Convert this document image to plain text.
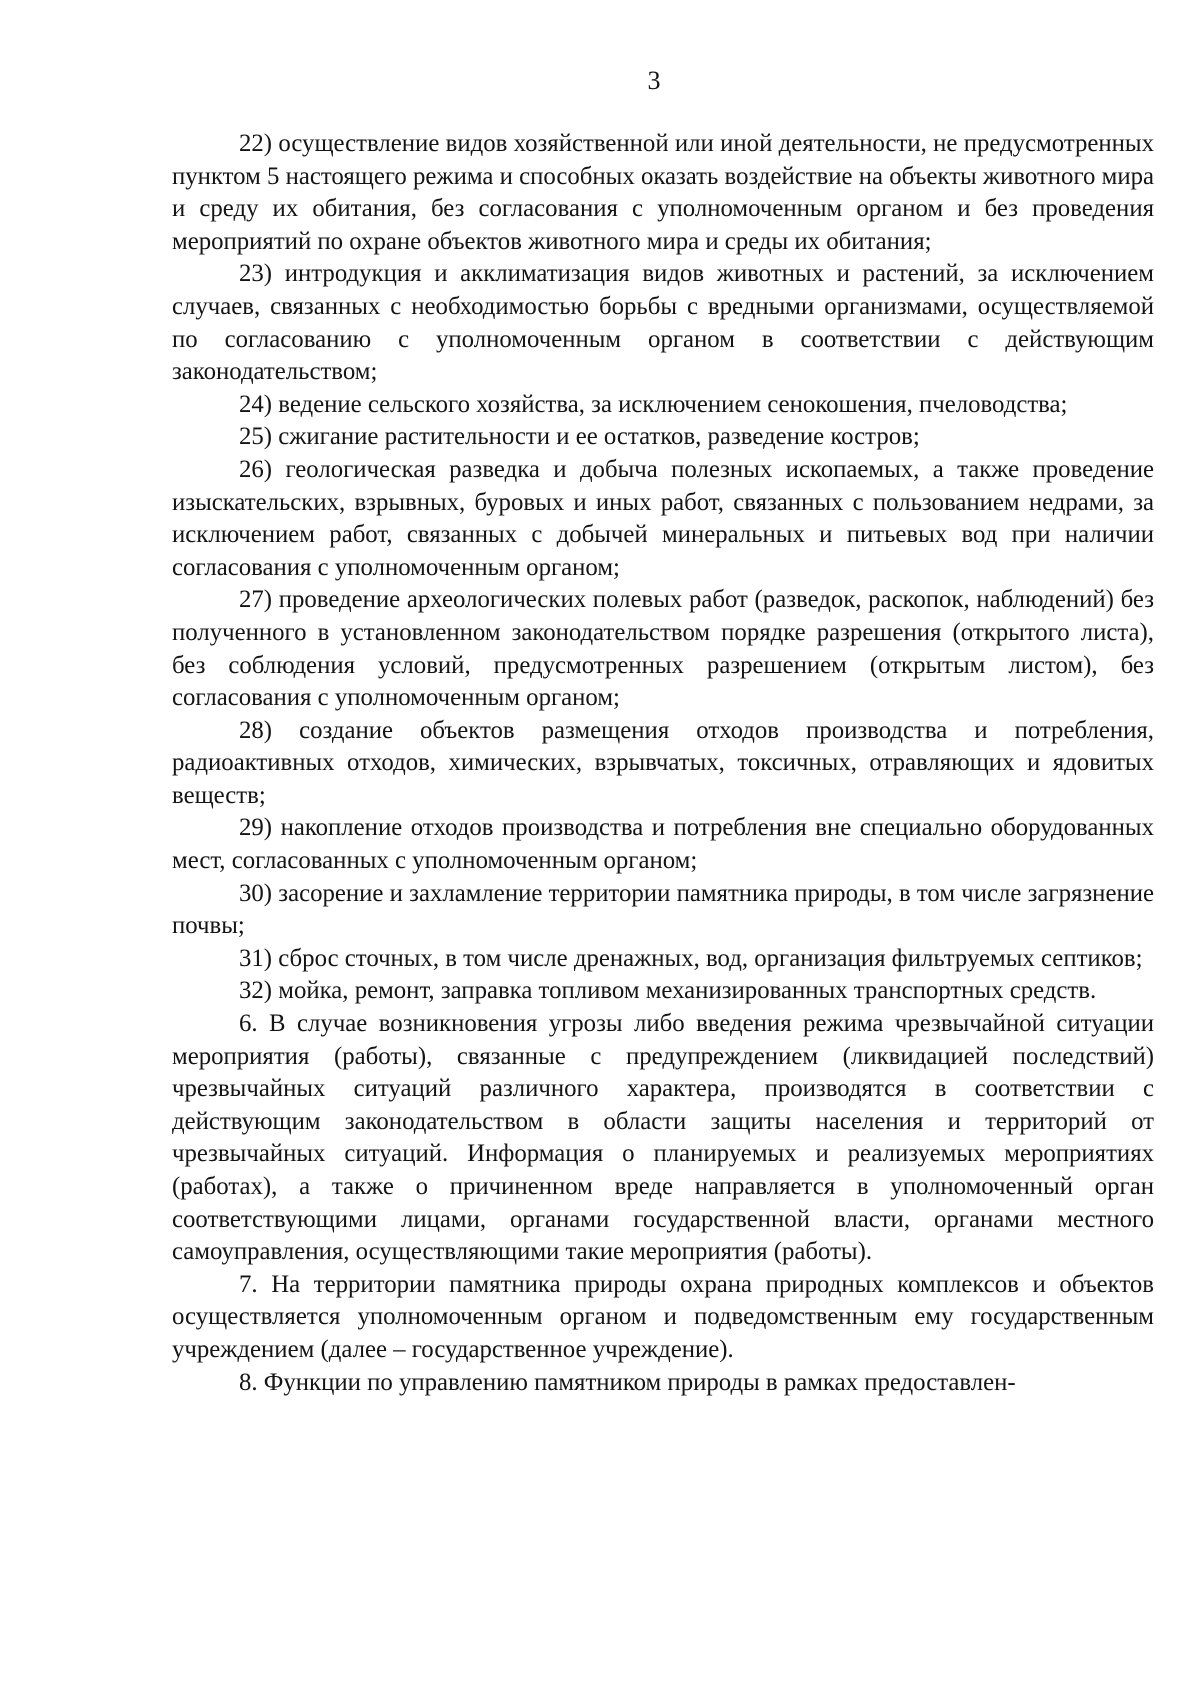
3

22) осуществление видов хозяйственной или иной деятельности, не предусмотренных пунктом 5 настоящего режима и способных оказать воздействие на объекты животного мира и среду их обитания, без согласования с уполномоченным органом и без проведения мероприятий по охране объектов животного мира и среды их обитания;

23) интродукция и акклиматизация видов животных и растений, за исключением случаев, связанных с необходимостью борьбы с вредными организмами, осуществляемой по согласованию с уполномоченным органом в соответствии с действующим законодательством;

24) ведение сельского хозяйства, за исключением сенокошения, пчеловодства;

25) сжигание растительности и ее остатков, разведение костров;

26) геологическая разведка и добыча полезных ископаемых, а также проведение изыскательских, взрывных, буровых и иных работ, связанных с пользованием недрами, за исключением работ, связанных с добычей минеральных и питьевых вод при наличии согласования с уполномоченным органом;

27) проведение археологических полевых работ (разведок, раскопок, наблюдений) без полученного в установленном законодательством порядке разрешения (открытого листа), без соблюдения условий, предусмотренных разрешением (открытым листом), без согласования с уполномоченным органом;

28) создание объектов размещения отходов производства и потребления, радиоактивных отходов, химических, взрывчатых, токсичных, отравляющих и ядовитых веществ;

29) накопление отходов производства и потребления вне специально оборудованных мест, согласованных с уполномоченным органом;

30) засорение и захламление территории памятника природы, в том числе загрязнение почвы;

31) сброс сточных, в том числе дренажных, вод, организация фильтруемых септиков;

32) мойка, ремонт, заправка топливом механизированных транспортных средств.

6. В случае возникновения угрозы либо введения режима чрезвычайной ситуации мероприятия (работы), связанные с предупреждением (ликвидацией последствий) чрезвычайных ситуаций различного характера, производятся в соответствии с действующим законодательством в области защиты населения и территорий от чрезвычайных ситуаций. Информация о планируемых и реализуемых мероприятиях (работах), а также о причиненном вреде направляется в уполномоченный орган соответствующими лицами, органами государственной власти, органами местного самоуправления, осуществляющими такие мероприятия (работы).

7. На территории памятника природы охрана природных комплексов и объектов осуществляется уполномоченным органом и подведомственным ему государственным учреждением (далее – государственное учреждение).

8. Функции по управлению памятником природы в рамках предоставлен-
